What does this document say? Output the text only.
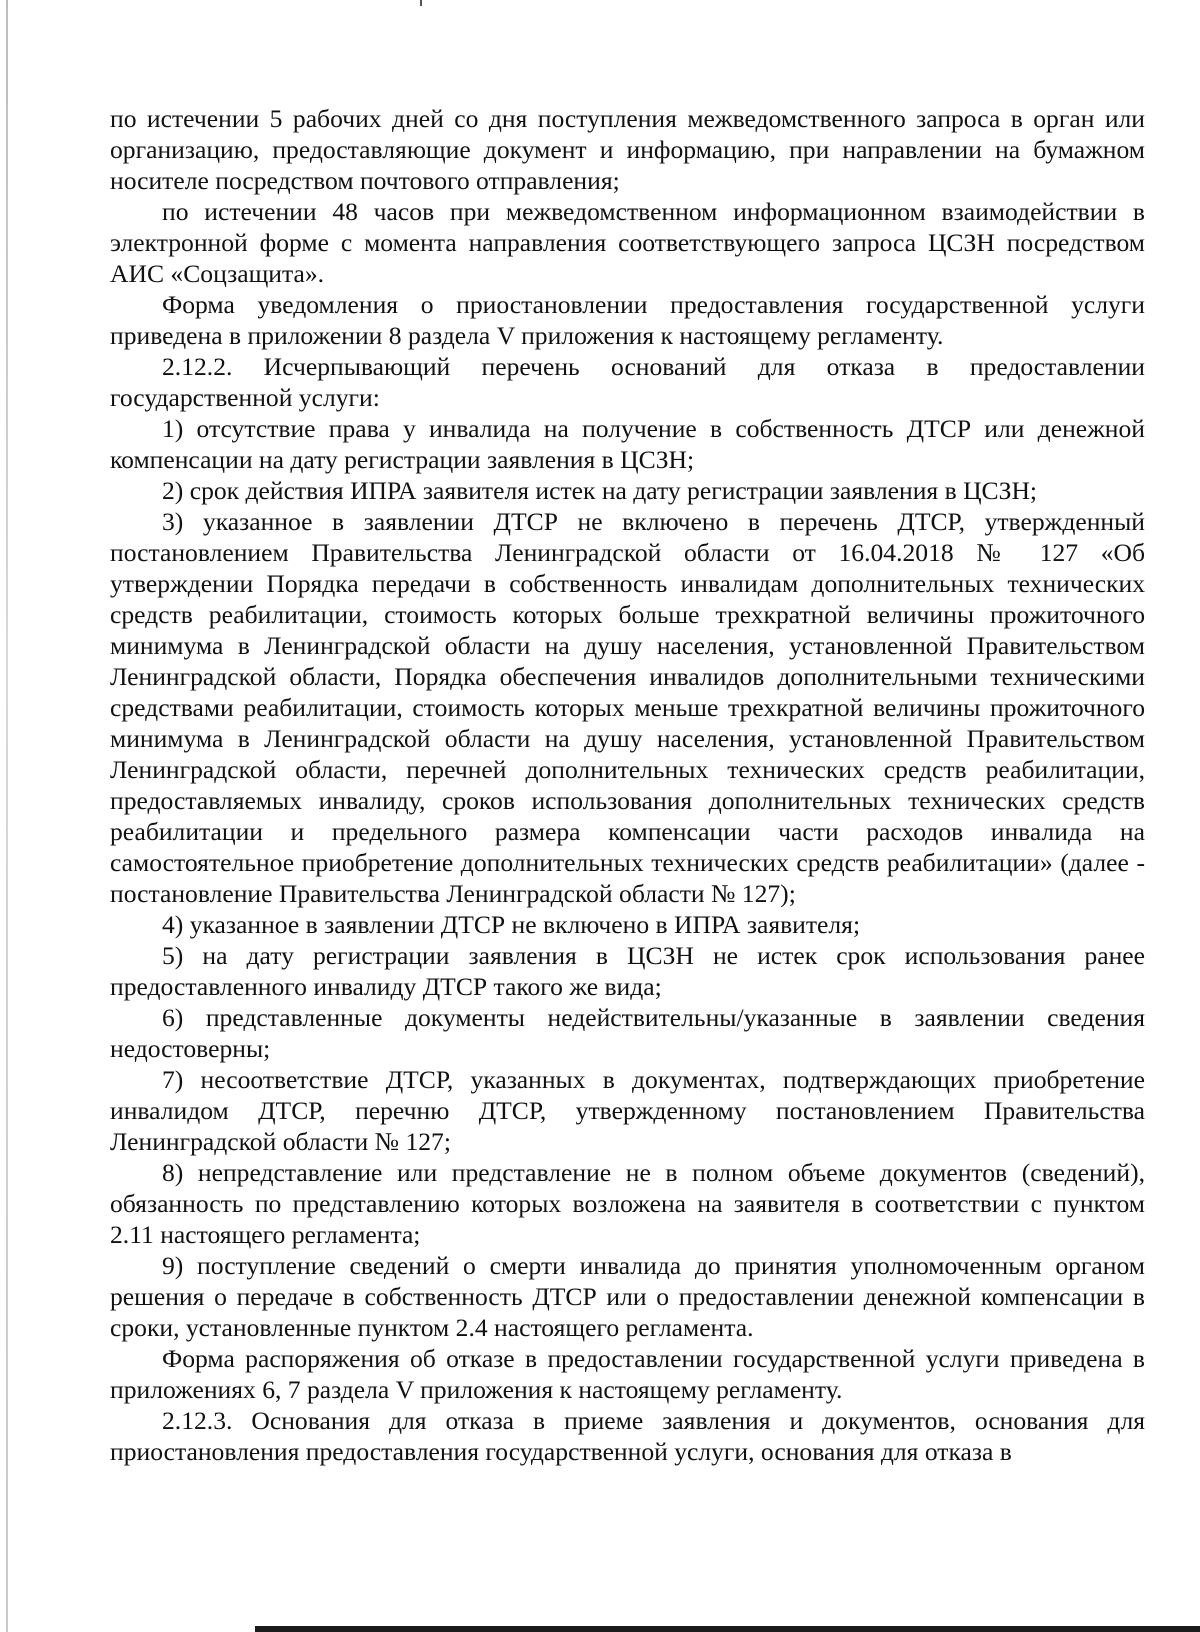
по истечении 5 рабочих дней со дня поступления межведомственного запроса в орган или организацию, предоставляющие документ и информацию, при направлении на бумажном носителе посредством почтового отправления;

по истечении 48 часов при межведомственном информационном взаимодействии в электронной форме с момента направления соответствующего запроса ЦСЗН посредством АИС «Соцзащита».

Форма уведомления о приостановлении предоставления государственной услуги приведена в приложении 8 раздела V приложения к настоящему регламенту.

2.12.2. Исчерпывающий перечень оснований для отказа в предоставлении государственной услуги:

1) отсутствие права у инвалида на получение в собственность ДТСР или денежной компенсации на дату регистрации заявления в ЦСЗН;

2) срок действия ИПРА заявителя истек на дату регистрации заявления в ЦСЗН;

3) указанное в заявлении ДТСР не включено в перечень ДТСР, утвержденный постановлением Правительства Ленинградской области от 16.04.2018 № 127 «Об утверждении Порядка передачи в собственность инвалидам дополнительных технических средств реабилитации, стоимость которых больше трехкратной величины прожиточного минимума в Ленинградской области на душу населения, установленной Правительством Ленинградской области, Порядка обеспечения инвалидов дополнительными техническими средствами реабилитации, стоимость которых меньше трехкратной величины прожиточного минимума в Ленинградской области на душу населения, установленной Правительством Ленинградской области, перечней дополнительных технических средств реабилитации, предоставляемых инвалиду, сроков использования дополнительных технических средств реабилитации и предельного размера компенсации части расходов инвалида на самостоятельное приобретение дополнительных технических средств реабилитации» (далее - постановление Правительства Ленинградской области № 127);

4) указанное в заявлении ДТСР не включено в ИПРА заявителя;

5) на дату регистрации заявления в ЦСЗН не истек срок использования ранее предоставленного инвалиду ДТСР такого же вида;

6) представленные документы недействительны/указанные в заявлении сведения недостоверны;

7) несоответствие ДТСР, указанных в документах, подтверждающих приобретение инвалидом ДТСР, перечню ДТСР, утвержденному постановлением Правительства Ленинградской области № 127;

8) непредставление или представление не в полном объеме документов (сведений), обязанность по представлению которых возложена на заявителя в соответствии с пунктом 2.11 настоящего регламента;

9) поступление сведений о смерти инвалида до принятия уполномоченным органом решения о передаче в собственность ДТСР или о предоставлении денежной компенсации в сроки, установленные пунктом 2.4 настоящего регламента.

Форма распоряжения об отказе в предоставлении государственной услуги приведена в приложениях 6, 7 раздела V приложения к настоящему регламенту.

2.12.3. Основания для отказа в приеме заявления и документов, основания для приостановления предоставления государственной услуги, основания для отказа в
